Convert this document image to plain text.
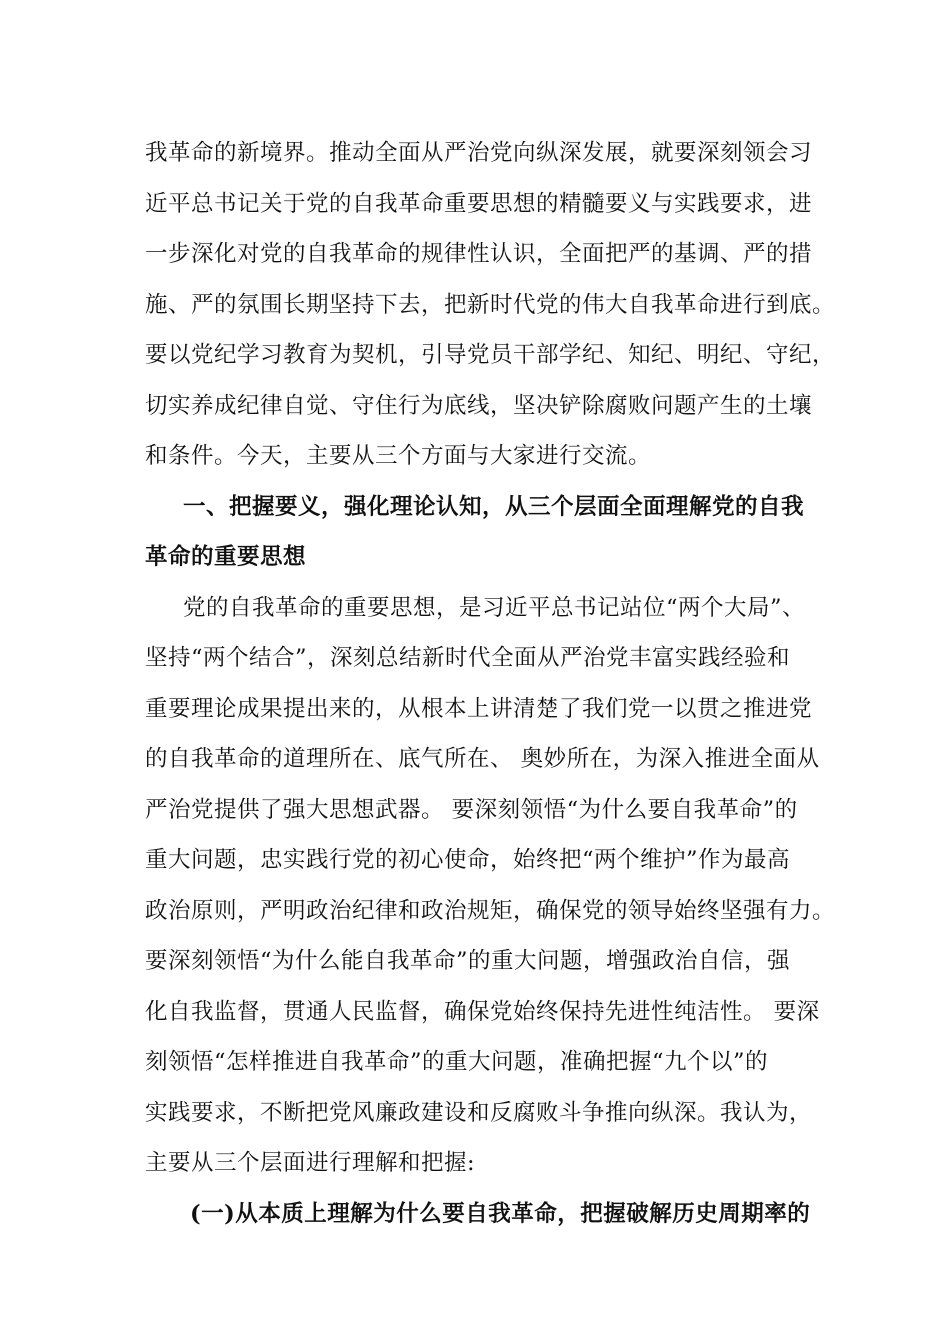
我革命的新境界。推动全面从严治党向纵深发展，就要深刻领会习
近平总书记关于党的自我革命重要思想的精髓要义与实践要求，进
一步深化对党的自我革命的规律性认识，全面把严的基调、严的措
施、严的氛围长期坚持下去，把新时代党的伟大自我革命进行到底。
要以党纪学习教育为契机，引导党员干部学纪、知纪、明纪、守纪，
切实养成纪律自觉、守住行为底线，坚决铲除腐败问题产生的土壤
和条件。今天，主要从三个方面与大家进行交流。
一、把握要义，强化理论认知，从三个层面全面理解党的自我
革命的重要思想
党的自我革命的重要思想，是习近平总书记站位“两个大局”、
坚持“两个结合”，深刻总结新时代全面从严治党丰富实践经验和
重要理论成果提出来的，从根本上讲清楚了我们党一以贯之推进党
的自我革命的道理所在、底气所在、 奥妙所在，为深入推进全面从
严治党提供了强大思想武器。 要深刻领悟“为什么要自我革命”的
重大问题，忠实践行党的初心使命，始终把“两个维护”作为最高
政治原则，严明政治纪律和政治规矩，确保党的领导始终坚强有力。
要深刻领悟“为什么能自我革命”的重大问题，增强政治自信，强
化自我监督，贯通人民监督，确保党始终保持先进性纯洁性。 要深
刻领悟“怎样推进自我革命”的重大问题，准确把握“九个以”的
实践要求，不断把党风廉政建设和反腐败斗争推向纵深。我认为，
主要从三个层面进行理解和把握:
(一)从本质上理解为什么要自我革命，把握破解历史周期率的
